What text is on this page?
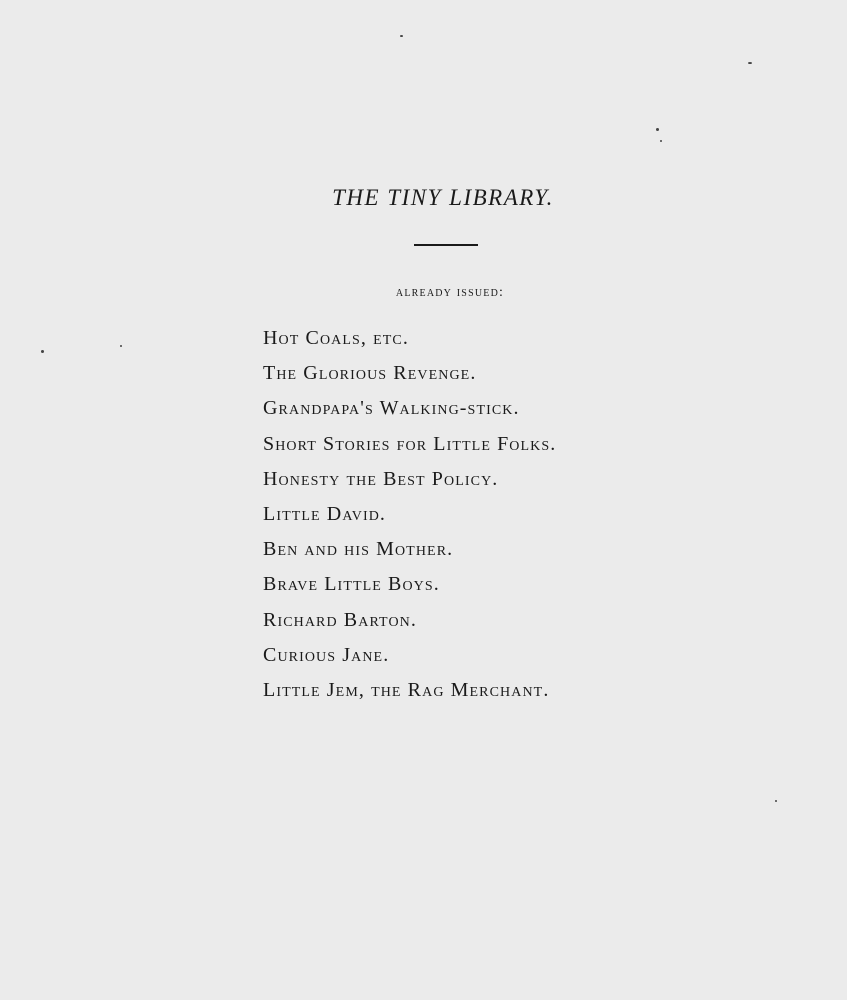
THE TINY LIBRARY.

already issued:

Hot Coals, etc.
The Glorious Revenge.
Grandpapa's Walking-stick.
Short Stories for Little Folks.
Honesty the Best Policy.
Little David.
Ben and his Mother.
Brave Little Boys.
Richard Barton.
Curious Jane.
Little Jem, the Rag Merchant.
